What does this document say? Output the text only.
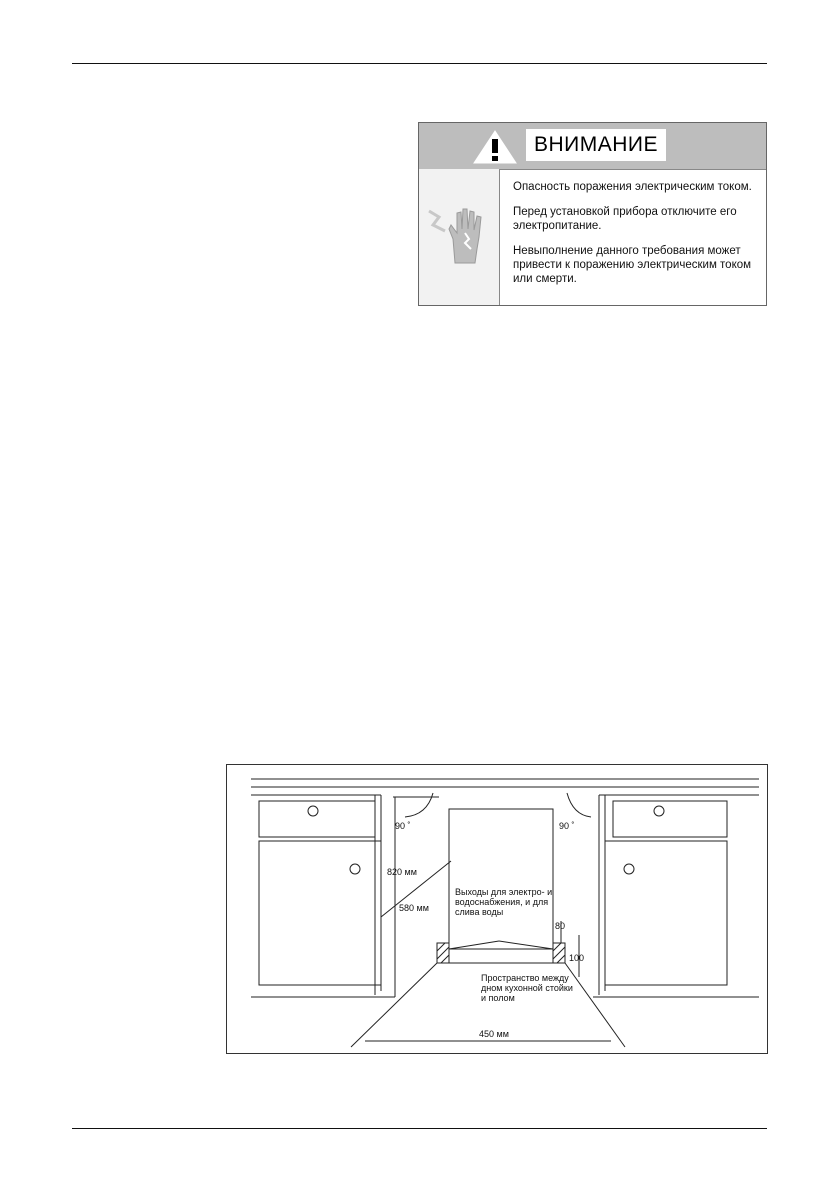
ВНИМАНИЕ

Опасность поражения электрическим током.

Перед установкой прибора отключите его электропитание.

Невыполнение данного требования может привести к поражению электрическим током или смерти.

90 ˚	90 ˚
820 мм
580 мм
450 мм
80
100
Выходы для электро- и
водоснабжения, и для
слива воды
Пространство между
дном кухонной стойки
и полом
